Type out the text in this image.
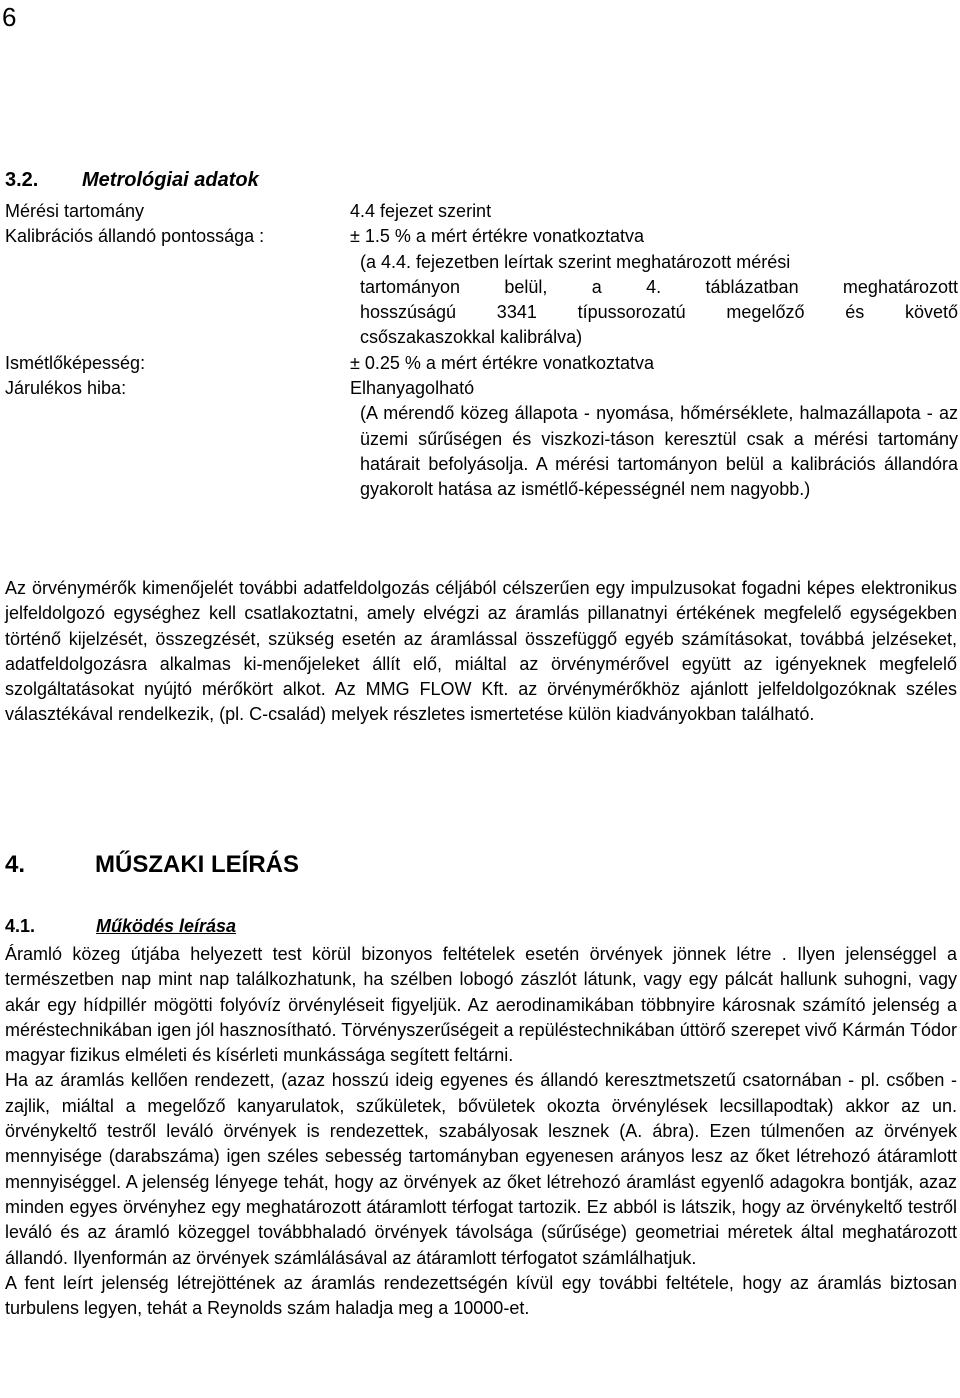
6
3.2. Metrológiai adatok
Mérési tartomány	4.4 fejezet szerint

Kalibrációs állandó pontossága :	± 1.5 % a mért értékre vonatkoztatva

(a 4.4. fejezetben leírtak szerint meghatározott mérési

tartományon belül, a 4. táblázatban meghatározott

hosszúságú 3341 típussorozatú megelőző és követő

csőszakaszokkal kalibrálva)

Ismétlőképesség:	± 0.25 % a mért értékre vonatkoztatva

Járulékos hiba:	Elhanyagolható

(A mérendő közeg állapota - nyomása, hőmérséklete, halmazállapota - az üzemi sűrűségen és viszkozi-táson keresztül csak a mérési tartomány határait befolyásolja. A mérési tartományon belül a kalibrációs állandóra gyakorolt hatása az ismétlő-képességnél nem nagyobb.)

Az örvénymérők kimenőjelét további adatfeldolgozás céljából célszerűen egy impulzusokat fogadni képes elektronikus jelfeldolgozó egységhez kell csatlakoztatni, amely elvégzi az áramlás pillanatnyi értékének megfelelő egységekben történő kijelzését, összegzését, szükség esetén az áramlással összefüggő egyéb számításokat, továbbá jelzéseket, adatfeldolgozásra alkalmas ki-menőjeleket állít elő, miáltal az örvénymérővel együtt az igényeknek megfelelő szolgáltatásokat nyújtó mérőkört alkot. Az MMG FLOW Kft. az örvénymérőkhöz ajánlott jelfeldolgozóknak széles választékával rendelkezik, (pl. C-család) melyek részletes ismertetése külön kiadványokban található.

4.	MŰSZAKI LEÍRÁS
4.1.	Működés leírása

Áramló közeg útjába helyezett test körül bizonyos feltételek esetén örvények jönnek létre . Ilyen jelenséggel a természetben nap mint nap találkozhatunk, ha szélben lobogó zászlót látunk, vagy egy pálcát hallunk suhogni, vagy akár egy hídpillér mögötti folyóvíz örvényléseit figyeljük. Az aerodinamikában többnyire károsnak számító jelenség a méréstechnikában igen jól hasznosítható. Törvényszerűségeit a repüléstechnikában úttörő szerepet vivő Kármán Tódor magyar fizikus elméleti és kísérleti munkássága segített feltárni.

Ha az áramlás kellően rendezett, (azaz hosszú ideig egyenes és állandó keresztmetszetű csatornában - pl. csőben - zajlik, miáltal a megelőző kanyarulatok, szűkületek, bővületek okozta örvénylések lecsillapodtak) akkor az un. örvénykeltő testről leváló örvények is rendezettek, szabályosak lesznek (A. ábra). Ezen túlmenően az örvények mennyisége (darabszáma) igen széles sebesség tartományban egyenesen arányos lesz az őket létrehozó átáramlott mennyiséggel. A jelenség lényege tehát, hogy az örvények az őket létrehozó áramlást egyenlő adagokra bontják, azaz minden egyes örvényhez egy meghatározott átáramlott térfogat tartozik. Ez abból is látszik, hogy az örvénykeltő testről leváló és az áramló közeggel továbbhaladó örvények távolsága (sűrűsége) geometriai méretek által meghatározott állandó. Ilyenformán az örvények számlálásával az átáramlott térfogatot számlálhatjuk.

A fent leírt jelenség létrejöttének az áramlás rendezettségén kívül egy további feltétele, hogy az áramlás biztosan turbulens legyen, tehát a Reynolds szám haladja meg a 10000-et.
